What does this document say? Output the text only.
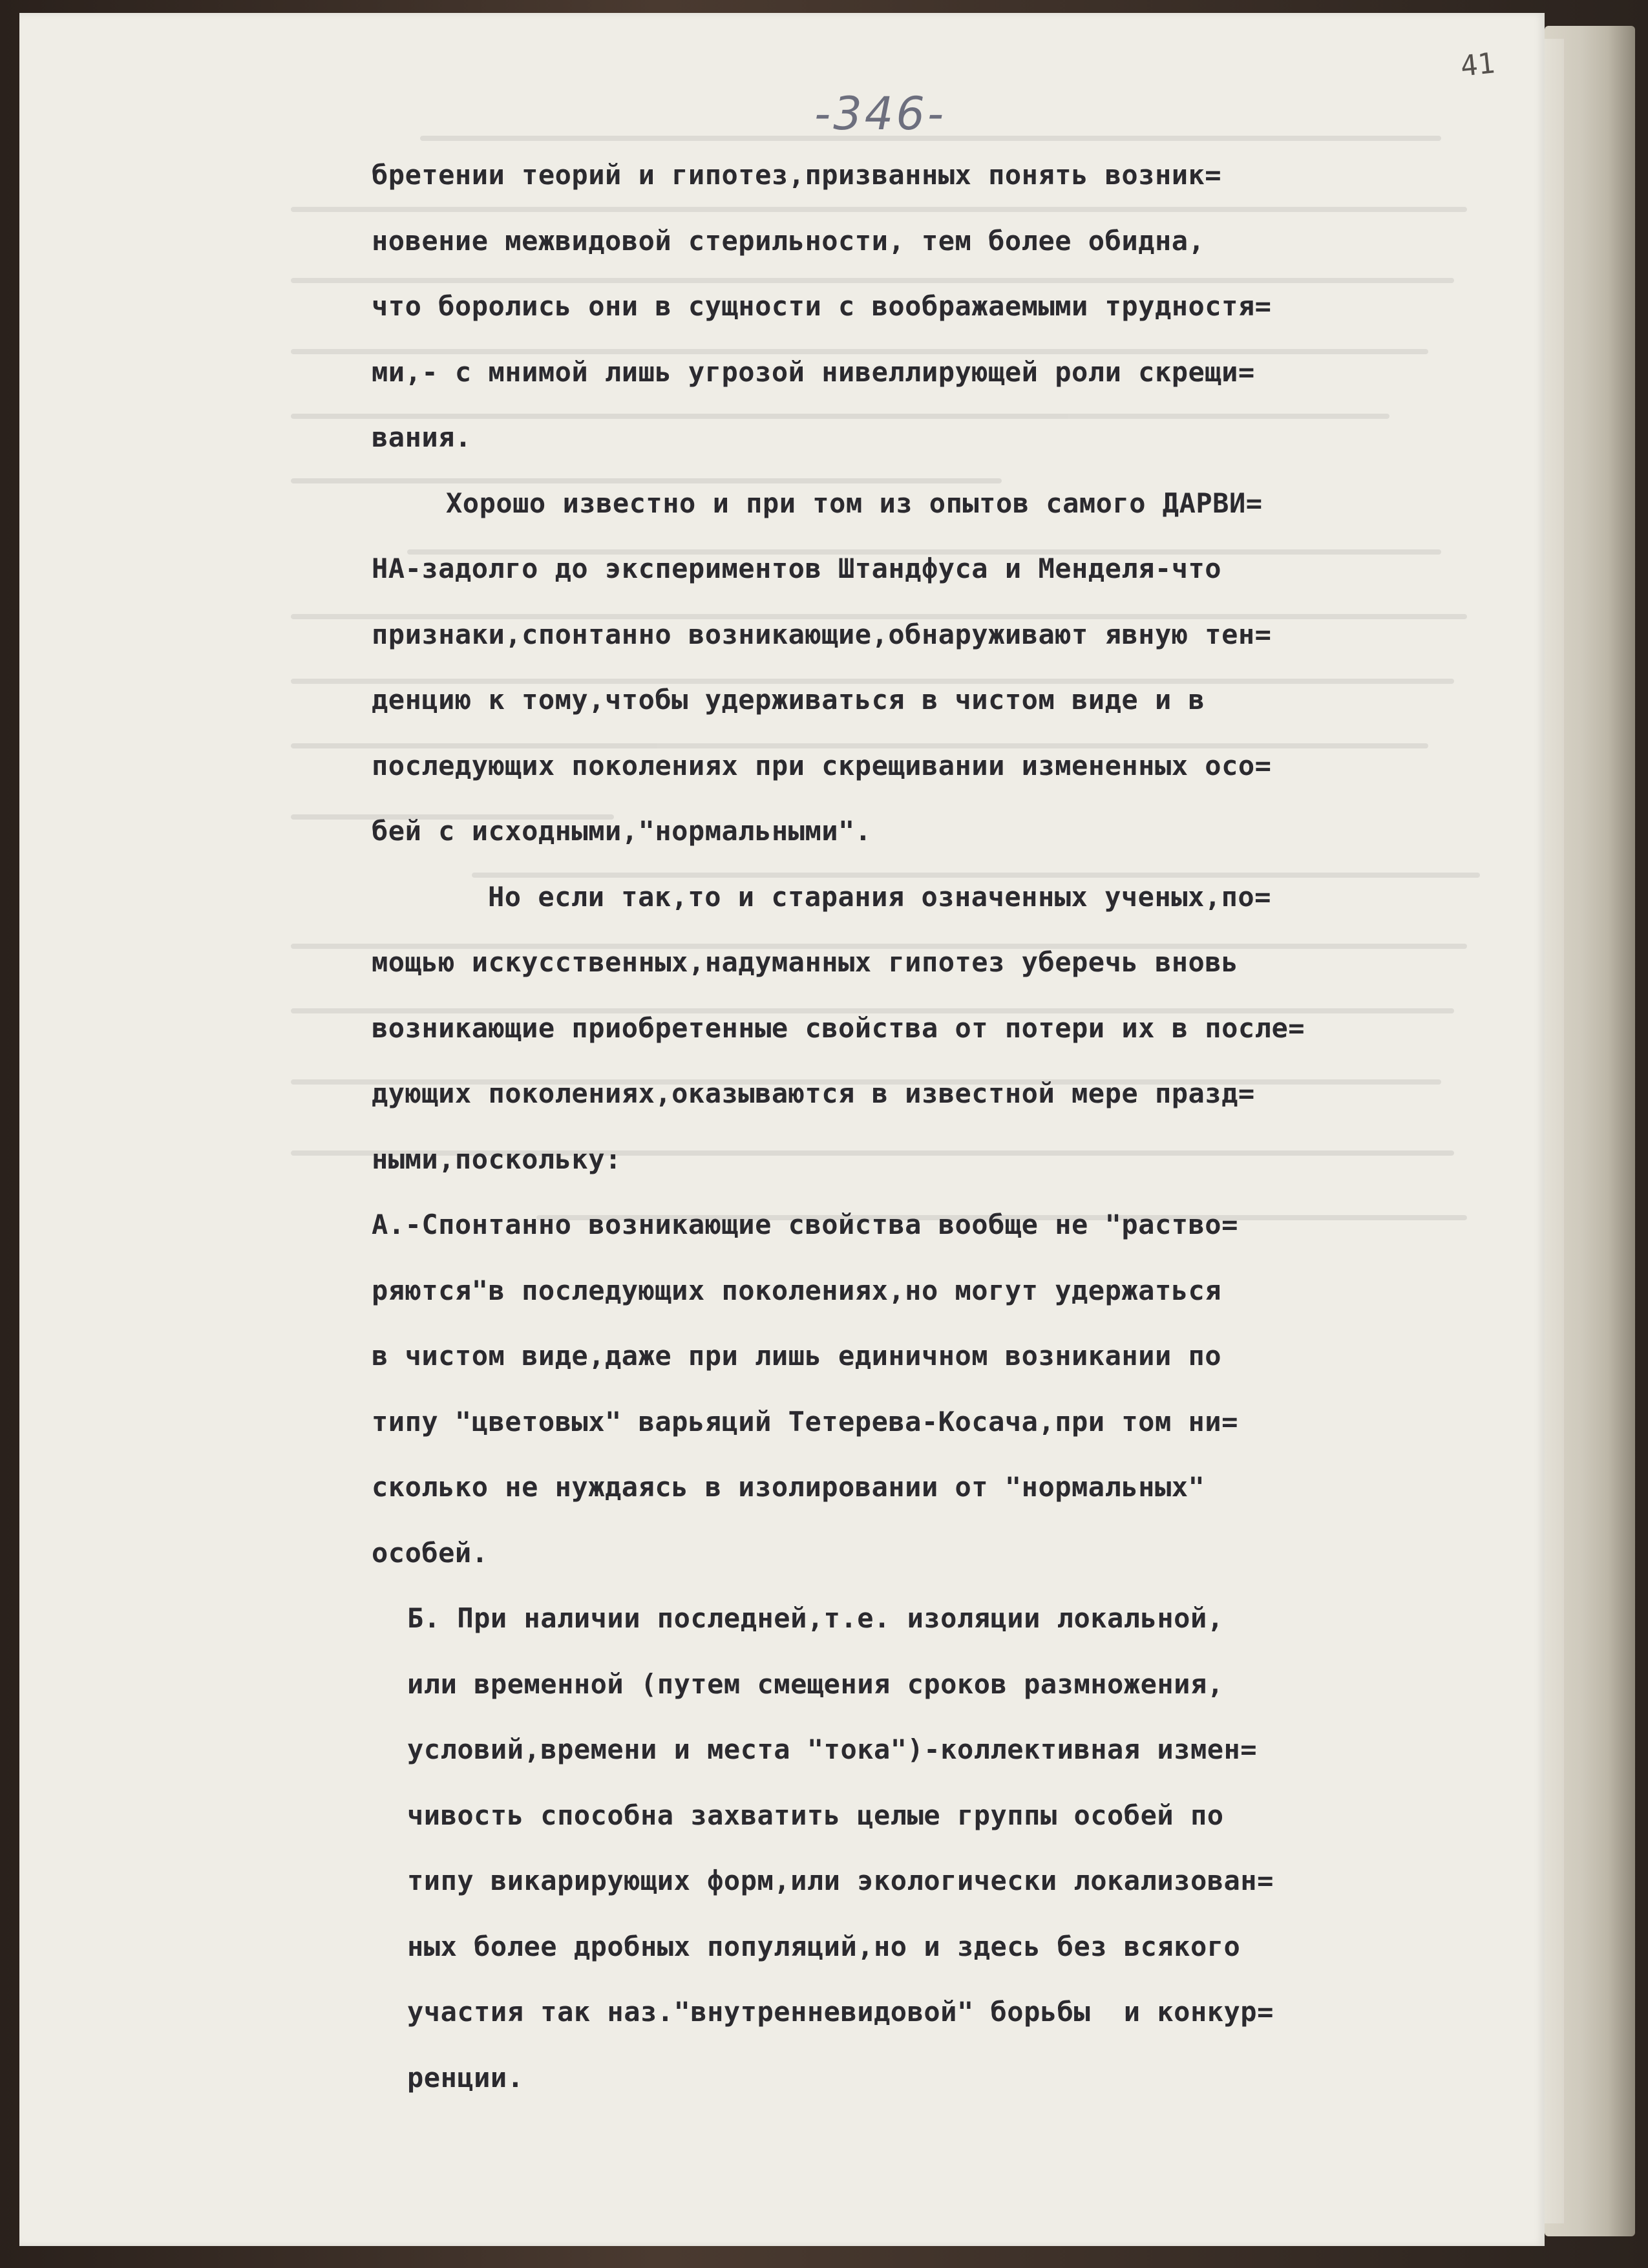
41
-346-
бретении теорий и гипотез,призванных понять возник=
новение межвидовой стерильности, тем более обидна,
что боролись они в сущности с воображаемыми трудностя=
ми,- с мнимой лишь угрозой нивеллирующей роли скрещи=
вания.
Хорошо известно и при том из опытов самого ДАРВИ=
НА-задолго до экспериментов Штандфуса и Менделя-что
признаки,спонтанно возникающие,обнаруживают явную тен=
денцию к тому,чтобы удерживаться в чистом виде и в
последующих поколениях при скрещивании измененных осо=
бей с исходными,"нормальными".
Но если так,то и старания означенных ученых,по=
мощью искусственных,надуманных гипотез уберечь вновь
возникающие приобретенные свойства от потери их в после=
дующих поколениях,оказываются в известной мере празд=
ными,поскольку:
А.-Спонтанно возникающие свойства вообще не "раство=
ряются"в последующих поколениях,но могут удержаться
в чистом виде,даже при лишь единичном возникании по
типу "цветовых" варьяций Тетерева-Косача,при том ни=
сколько не нуждаясь в изолировании от "нормальных"
особей.
Б. При наличии последней,т.е. изоляции локальной,
или временной (путем смещения сроков размножения,
условий,времени и места "тока")-коллективная измен=
чивость способна захватить целые группы особей по
типу викарирующих форм,или экологически локализован=
ных более дробных популяций,но и здесь без всякого
участия так наз."внутренневидовой" борьбы  и конкур=
ренции.
